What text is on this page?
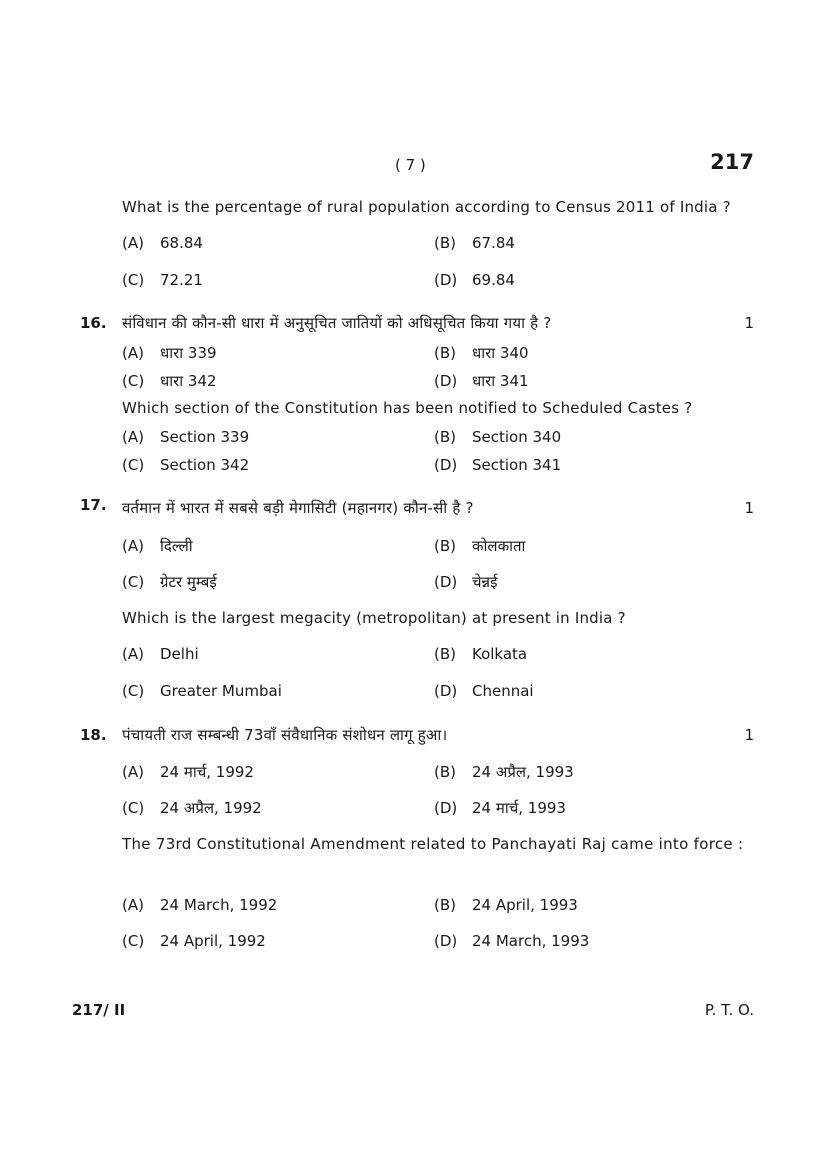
( 7 )	217
What is the percentage of rural population according to Census 2011 of India ?
(A) 68.84	(B) 67.84
(C) 72.21	(D) 69.84
16. संविधान की कौन-सी धारा में अनुसूचित जातियों को अधिसूचित किया गया है ?	1
(A) धारा 339	(B) धारा 340
(C) धारा 342	(D) धारा 341
Which section of the Constitution has been notified to Scheduled Castes ?
(A) Section 339	(B) Section 340
(C) Section 342	(D) Section 341
17. वर्तमान में भारत में सबसे बड़ी मेगासिटी (महानगर) कौन-सी है ?	1
(A) दिल्ली	(B) कोलकाता
(C) ग्रेटर मुम्बई	(D) चेन्नई
Which is the largest megacity (metropolitan) at present in India ?
(A) Delhi	(B) Kolkata
(C) Greater Mumbai	(D) Chennai
18. पंचायती राज सम्बन्धी 73वाँ संवैधानिक संशोधन लागू हुआ।	1
(A) 24 मार्च, 1992	(B) 24 अप्रैल, 1993
(C) 24 अप्रैल, 1992	(D) 24 मार्च, 1993
The 73rd Constitutional Amendment related to Panchayati Raj came into force :
(A) 24 March, 1992	(B) 24 April, 1993
(C) 24 April, 1992	(D) 24 March, 1993
217/ II	P. T. O.
